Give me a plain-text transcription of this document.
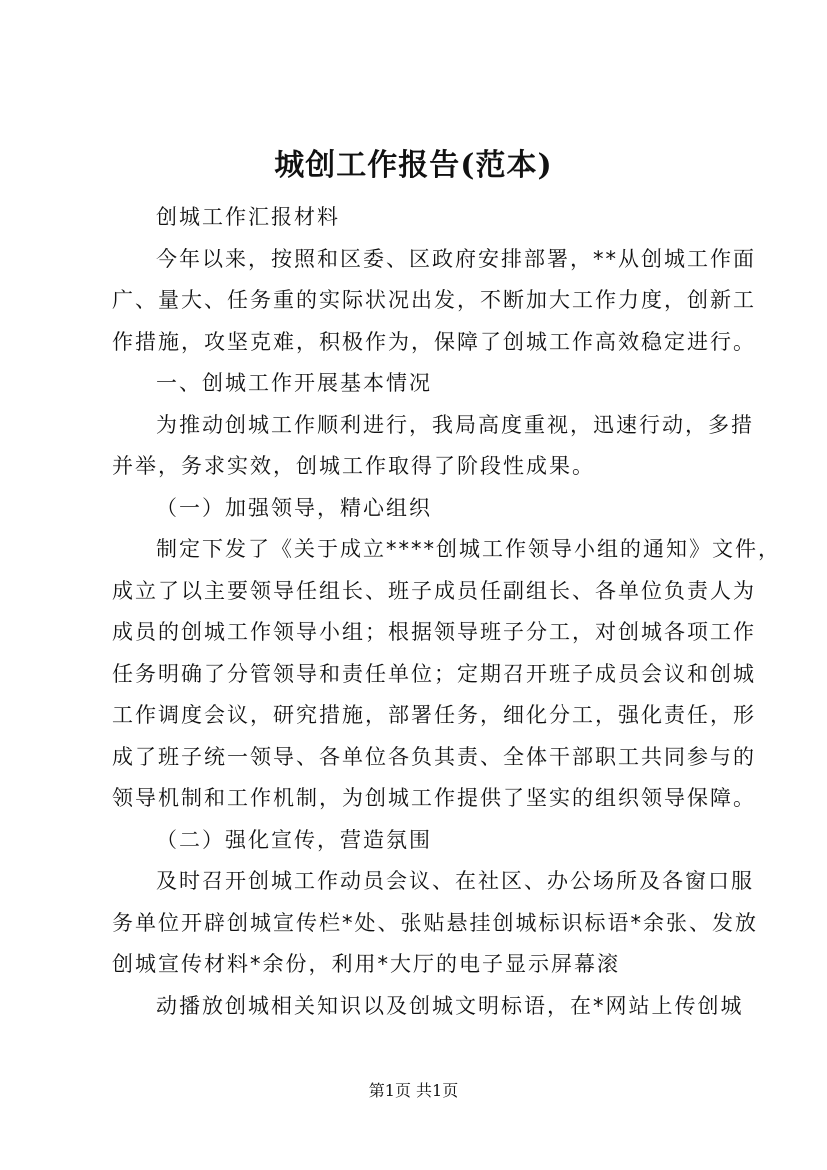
城创工作报告(范本)
创城工作汇报材料
今年以来，按照和区委、区政府安排部署，**从创城工作面
广、量大、任务重的实际状况出发，不断加大工作力度，创新工
作措施，攻坚克难，积极作为，保障了创城工作高效稳定进行。
一、创城工作开展基本情况
为推动创城工作顺利进行，我局高度重视，迅速行动，多措
并举，务求实效，创城工作取得了阶段性成果。
（一）加强领导，精心组织
制定下发了《关于成立****创城工作领导小组的通知》文件，
成立了以主要领导任组长、班子成员任副组长、各单位负责人为
成员的创城工作领导小组；根据领导班子分工，对创城各项工作
任务明确了分管领导和责任单位；定期召开班子成员会议和创城
工作调度会议，研究措施，部署任务，细化分工，强化责任，形
成了班子统一领导、各单位各负其责、全体干部职工共同参与的
领导机制和工作机制，为创城工作提供了坚实的组织领导保障。
（二）强化宣传，营造氛围
及时召开创城工作动员会议、在社区、办公场所及各窗口服
务单位开辟创城宣传栏*处、张贴悬挂创城标识标语*余张、发放
创城宣传材料*余份，利用*大厅的电子显示屏幕滚
动播放创城相关知识以及创城文明标语，在*网站上传创城
第1页 共1页
